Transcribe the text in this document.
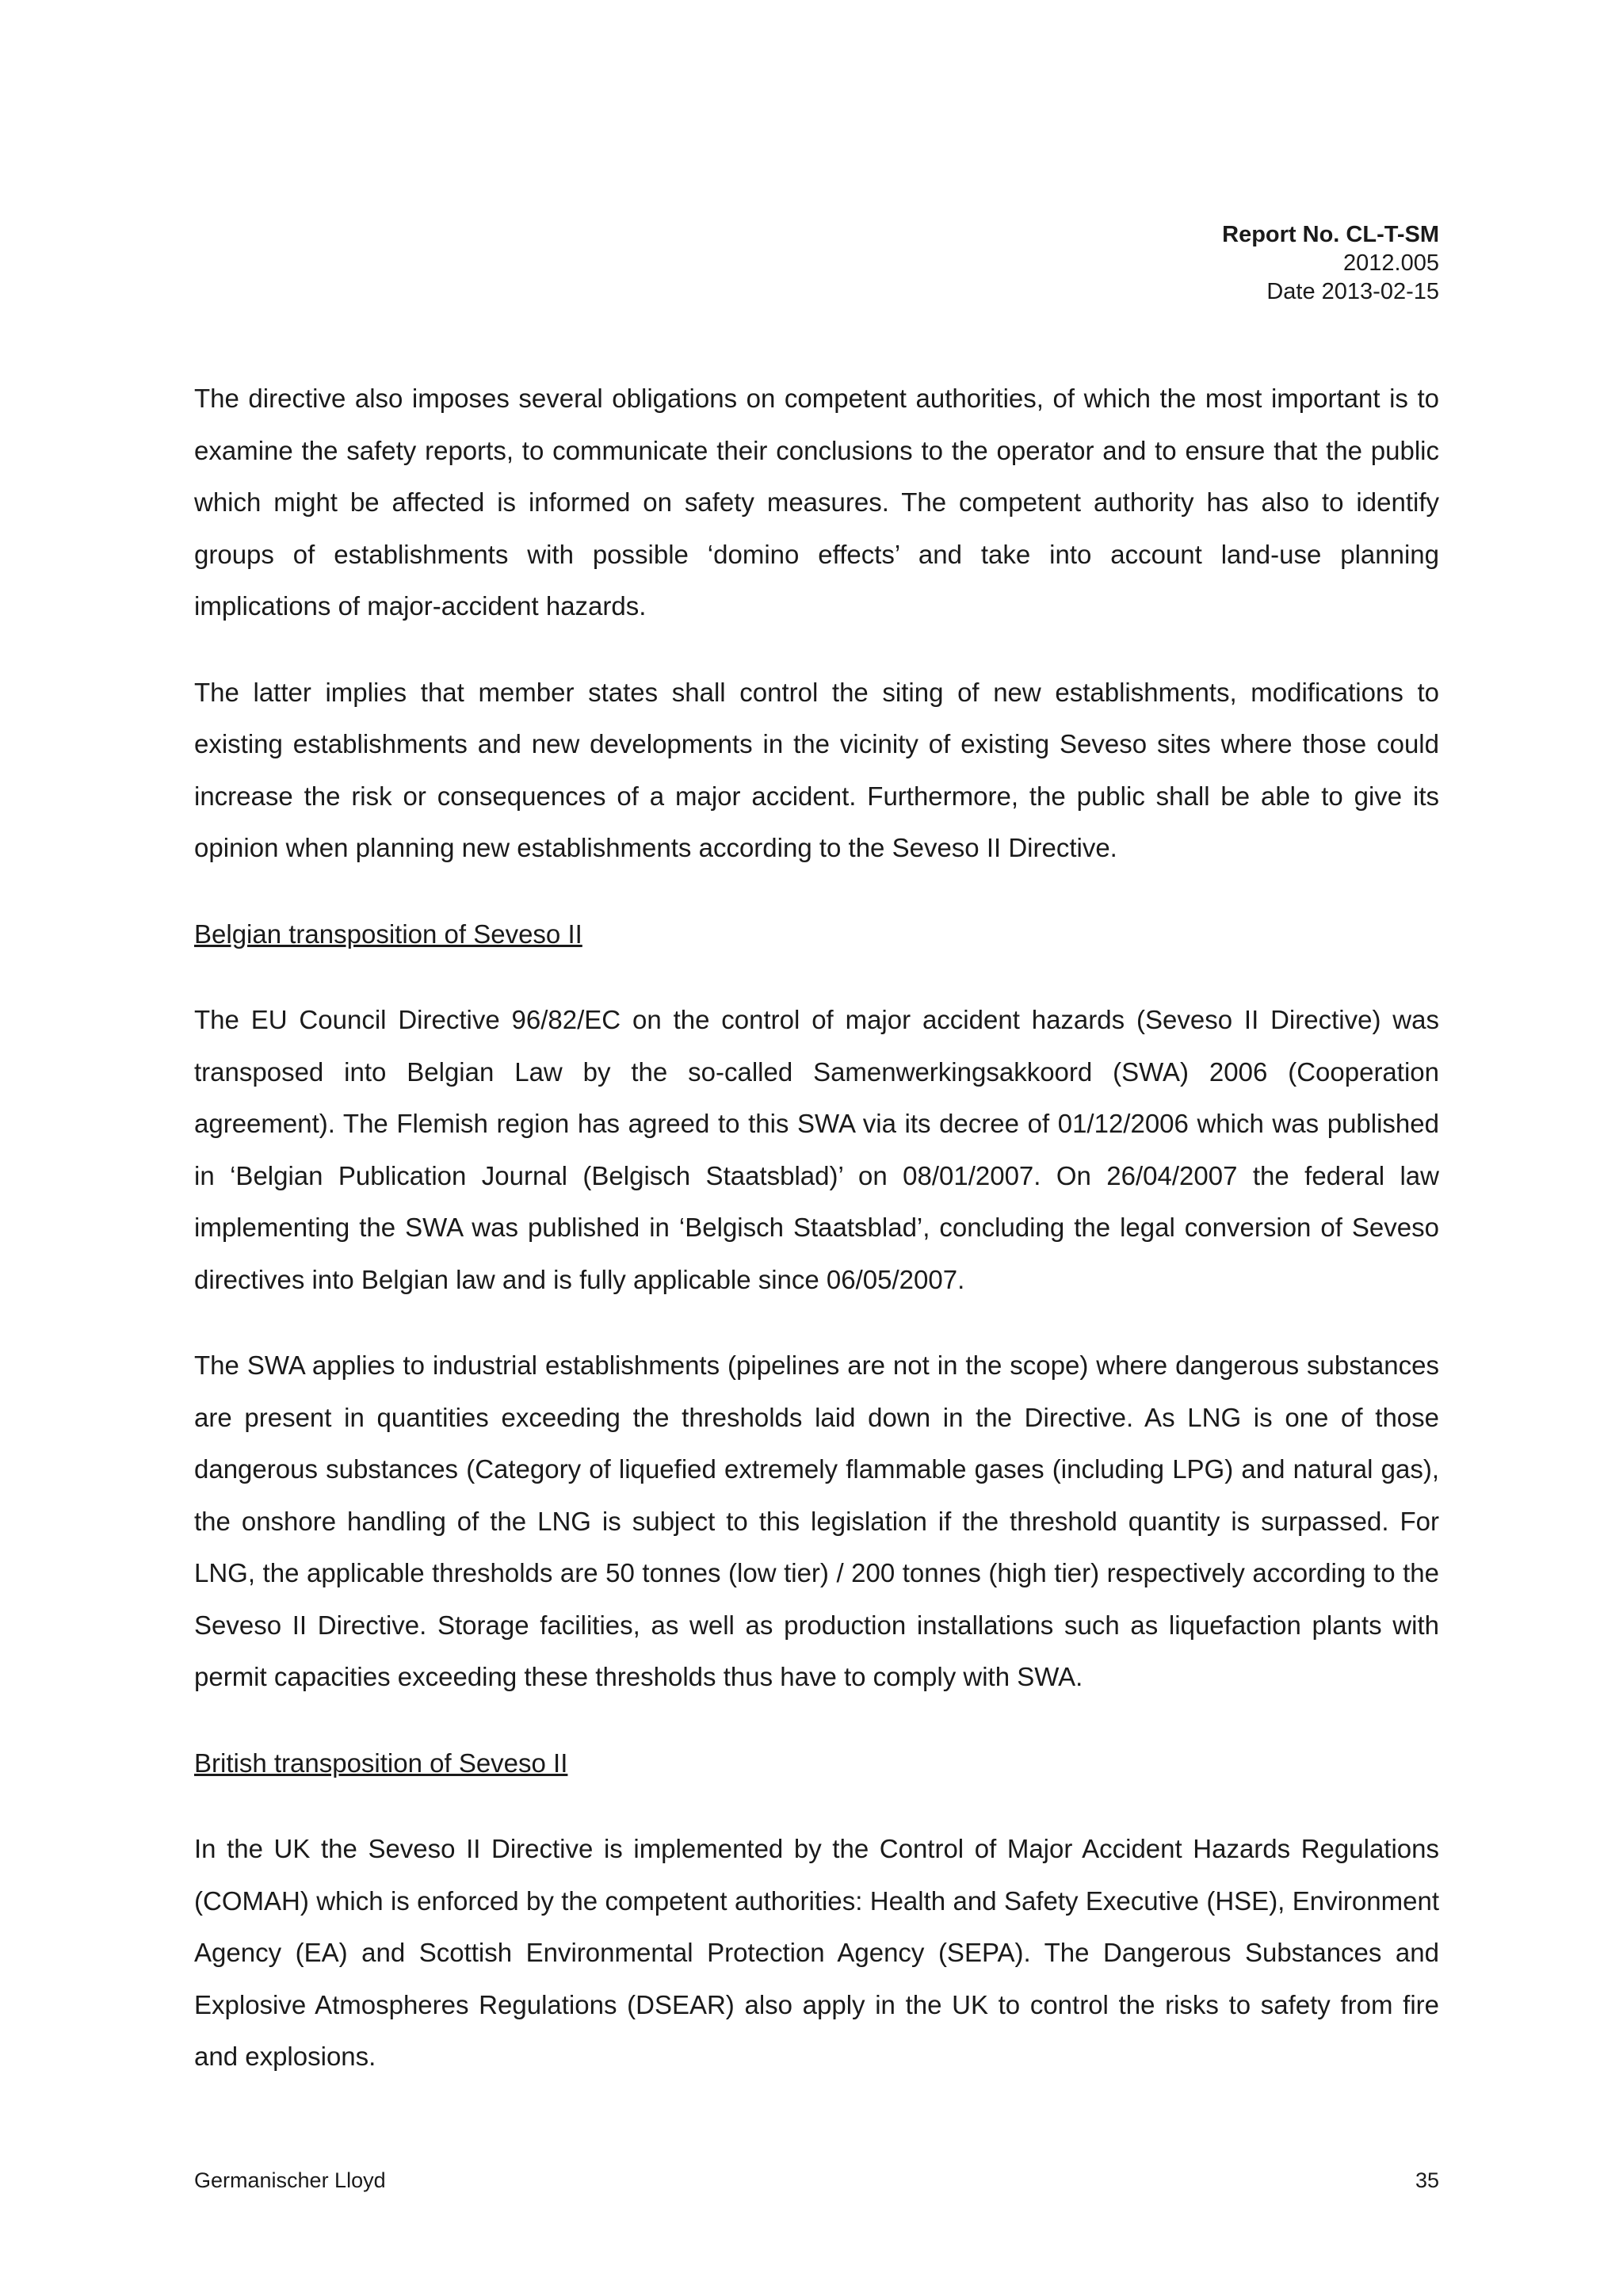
Report No. CL-T-SM
2012.005
Date 2013-02-15

The directive also imposes several obligations on competent authorities, of which the most important is to examine the safety reports, to communicate their conclusions to the operator and to ensure that the public which might be affected is informed on safety measures. The competent authority has also to identify groups of establishments with possible ‘domino effects’ and take into account land-use planning implications of major-accident hazards.

The latter implies that member states shall control the siting of new establishments, modifications to existing establishments and new developments in the vicinity of existing Seveso sites where those could increase the risk or consequences of a major accident. Furthermore, the public shall be able to give its opinion when planning new establishments according to the Seveso II Directive.

Belgian transposition of Seveso II

The EU Council Directive 96/82/EC on the control of major accident hazards (Seveso II Directive) was transposed into Belgian Law by the so-called Samenwerkingsakkoord (SWA) 2006 (Cooperation agreement). The Flemish region has agreed to this SWA via its decree of 01/12/2006 which was published in ‘Belgian Publication Journal (Belgisch Staatsblad)’ on 08/01/2007. On 26/04/2007 the federal law implementing the SWA was published in ‘Belgisch Staatsblad’, concluding the legal conversion of Seveso directives into Belgian law and is fully applicable since 06/05/2007.

The SWA applies to industrial establishments (pipelines are not in the scope) where dangerous substances are present in quantities exceeding the thresholds laid down in the Directive. As LNG is one of those dangerous substances (Category of liquefied extremely flammable gases (including LPG) and natural gas), the onshore handling of the LNG is subject to this legislation if the threshold quantity is surpassed. For LNG, the applicable thresholds are 50 tonnes (low tier) / 200 tonnes (high tier) respectively according to the Seveso II Directive. Storage facilities, as well as production installations such as liquefaction plants with permit capacities exceeding these thresholds thus have to comply with SWA.

British transposition of Seveso II

In the UK the Seveso II Directive is implemented by the Control of Major Accident Hazards Regulations (COMAH) which is enforced by the competent authorities: Health and Safety Executive (HSE), Environment Agency (EA) and Scottish Environmental Protection Agency (SEPA). The Dangerous Substances and Explosive Atmospheres Regulations (DSEAR) also apply in the UK to control the risks to safety from fire and explosions.

Germanischer Lloyd	35
